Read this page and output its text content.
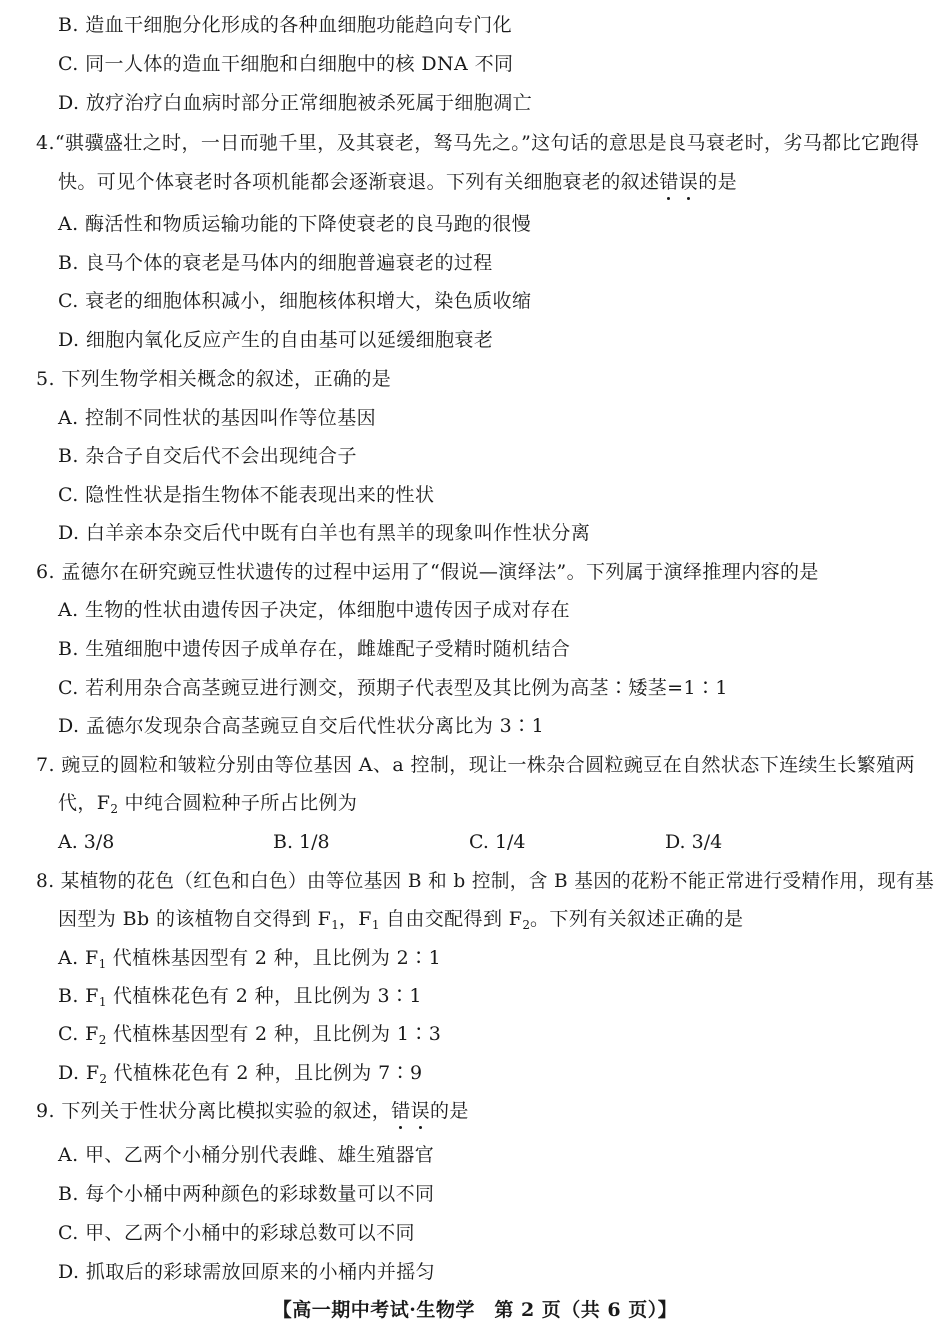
B. 造血干细胞分化形成的各种血细胞功能趋向专门化
C. 同一人体的造血干细胞和白细胞中的核 DNA 不同
D. 放疗治疗白血病时部分正常细胞被杀死属于细胞凋亡
4.“骐骥盛壮之时，一日而驰千里，及其衰老，驽马先之。”这句话的意思是良马衰老时，劣马都比它跑得
快。可见个体衰老时各项机能都会逐渐衰退。下列有关细胞衰老的叙述错误
的是
A. 酶活性和物质运输功能的下降使衰老的良马跑的很慢
B. 良马个体的衰老是马体内的细胞普遍衰老的过程
C. 衰老的细胞体积减小，细胞核体积增大，染色质收缩
D. 细胞内氧化反应产生的自由基可以延缓细胞衰老
5. 下列生物学相关概念的叙述，正确的是
A. 控制不同性状的基因叫作等位基因
B. 杂合子自交后代不会出现纯合子
C. 隐性性状是指生物体不能表现出来的性状
D. 白羊亲本杂交后代中既有白羊也有黑羊的现象叫作性状分离
6. 孟德尔在研究豌豆性状遗传的过程中运用了“假说—演绎法”。下列属于演绎推理内容的是
A. 生物的性状由遗传因子决定，体细胞中遗传因子成对存在
B. 生殖细胞中遗传因子成单存在，雌雄配子受精时随机结合
C. 若利用杂合高茎豌豆进行测交，预期子代表型及其比例为高茎∶矮茎=1∶1
D. 孟德尔发现杂合高茎豌豆自交后代性状分离比为 3∶1
7. 豌豆的圆粒和皱粒分别由等位基因 A、a 控制，现让一株杂合圆粒豌豆在自然状态下连续生长繁殖两
代，$F_2$ 中纯合圆粒种子所占比例为
A. 3/8	B. 1/8	C. 1/4	D. 3/4
8. 某植物的花色（红色和白色）由等位基因 B 和 b 控制，含 B 基因的花粉不能正常进行受精作用，现有基
因型为 Bb 的该植物自交得到 $F_1$，$F_1$ 自由交配得到 $F_2$。下列有关叙述正确的是
A. $F_1$ 代植株基因型有 2 种，且比例为 2∶1
B. $F_1$ 代植株花色有 2 种，且比例为 3∶1
C. $F_2$ 代植株基因型有 2 种，且比例为 1∶3
D. $F_2$ 代植株花色有 2 种，且比例为 7∶9
9. 下列关于性状分离比模拟实验的叙述，错误
的是
A. 甲、乙两个小桶分别代表雌、雄生殖器官
B. 每个小桶中两种颜色的彩球数量可以不同
C. 甲、乙两个小桶中的彩球总数可以不同
D. 抓取后的彩球需放回原来的小桶内并摇匀
【高一期中考试·生物学　第 2 页（共 6 页）】
